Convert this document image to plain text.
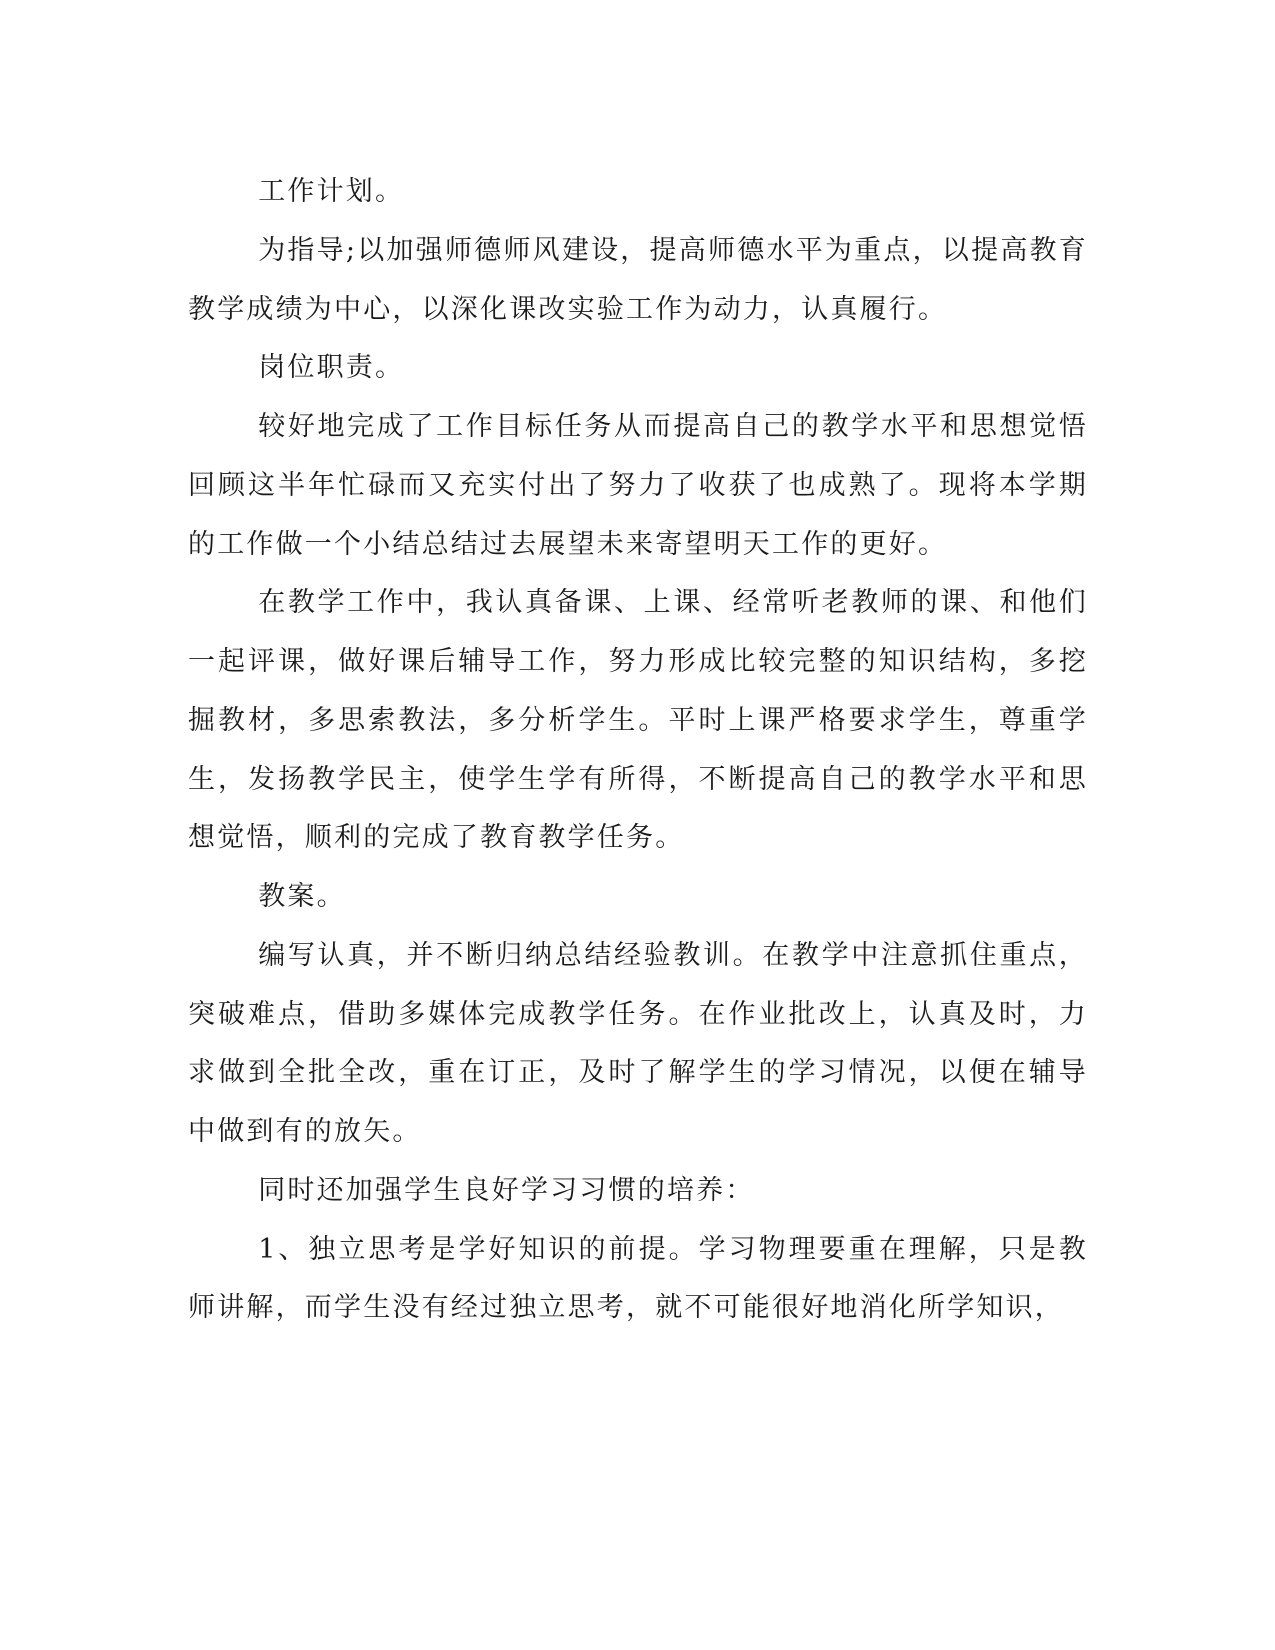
工作计划。

为指导;以加强师德师风建设，提高师德水平为重点，以提高教育教学成绩为中心，以深化课改实验工作为动力，认真履行。

岗位职责。

较好地完成了工作目标任务从而提高自己的教学水平和思想觉悟回顾这半年忙碌而又充实付出了努力了收获了也成熟了。现将本学期的工作做一个小结总结过去展望未来寄望明天工作的更好。

在教学工作中，我认真备课、上课、经常听老教师的课、和他们一起评课，做好课后辅导工作，努力形成比较完整的知识结构，多挖掘教材，多思索教法，多分析学生。平时上课严格要求学生，尊重学生，发扬教学民主，使学生学有所得，不断提高自己的教学水平和思想觉悟，顺利的完成了教育教学任务。

教案。

编写认真，并不断归纳总结经验教训。在教学中注意抓住重点，突破难点，借助多媒体完成教学任务。在作业批改上，认真及时，力求做到全批全改，重在订正，及时了解学生的学习情况，以便在辅导中做到有的放矢。

同时还加强学生良好学习习惯的培养：

1、独立思考是学好知识的前提。学习物理要重在理解，只是教师讲解，而学生没有经过独立思考，就不可能很好地消化所学知识，
